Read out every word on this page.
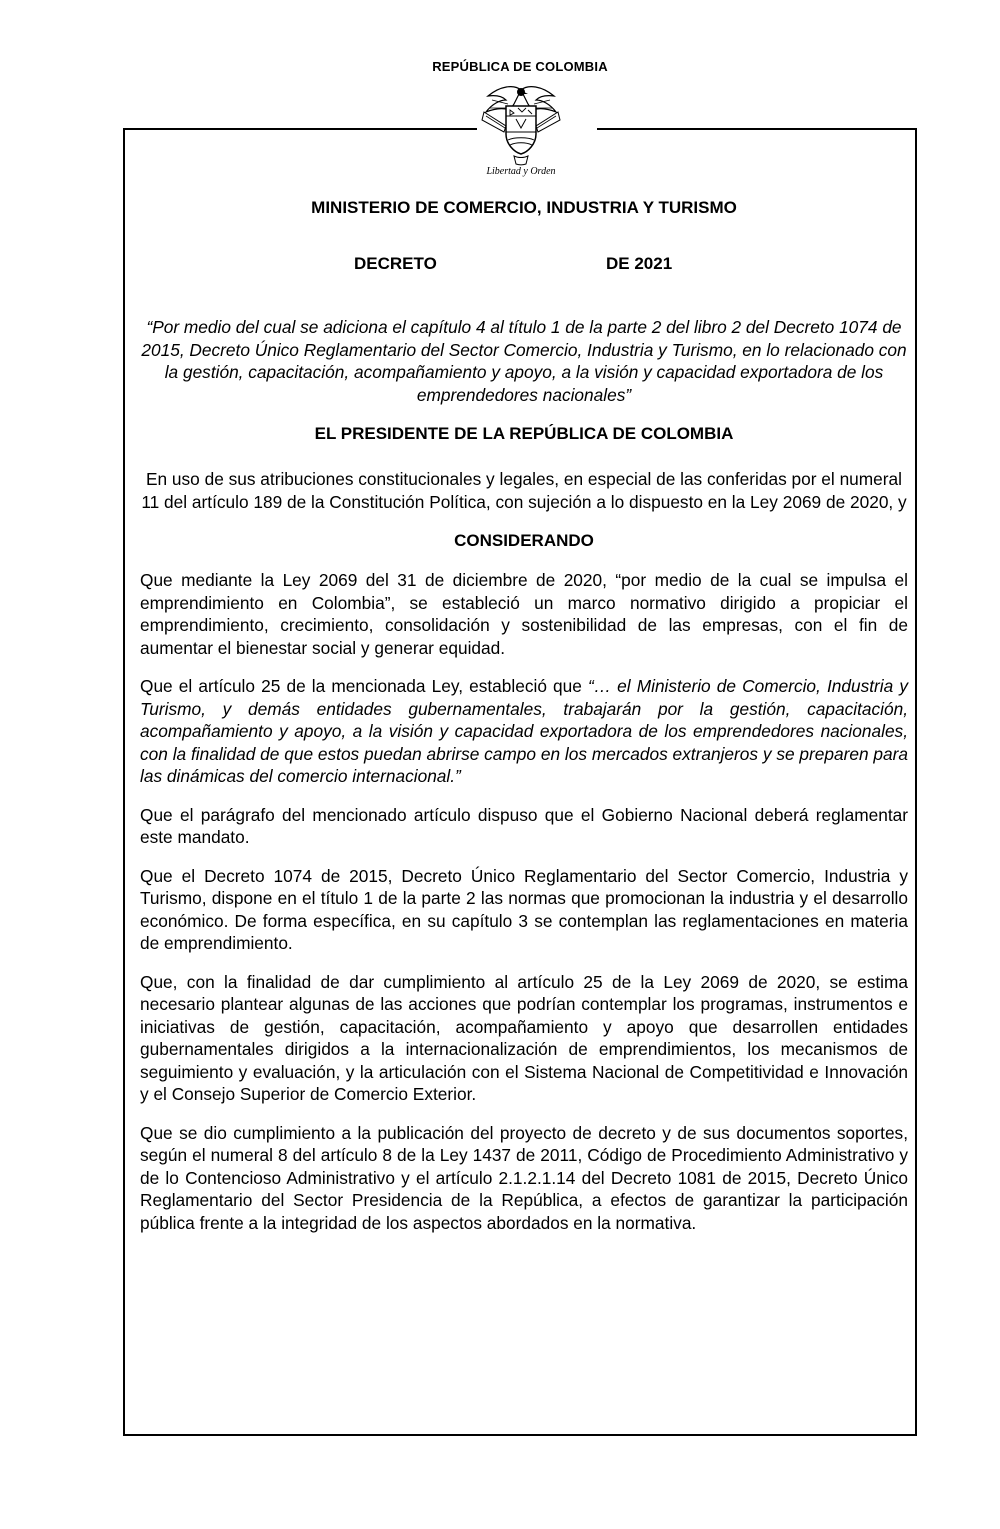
REPÚBLICA DE COLOMBIA
Libertad y Orden
MINISTERIO DE COMERCIO, INDUSTRIA Y TURISMO
DECRETO	DE 2021
“Por medio del cual se adiciona el capítulo 4 al título 1 de la parte 2 del libro 2 del Decreto 1074 de 2015, Decreto Único Reglamentario del Sector Comercio, Industria y Turismo, en lo relacionado con la gestión, capacitación, acompañamiento y apoyo, a la visión y capacidad exportadora de los emprendedores nacionales”
EL PRESIDENTE DE LA REPÚBLICA DE COLOMBIA
En uso de sus atribuciones constitucionales y legales, en especial de las conferidas por el numeral 11 del artículo 189 de la Constitución Política, con sujeción a lo dispuesto en la Ley 2069 de 2020, y
CONSIDERANDO
Que mediante la Ley 2069 del 31 de diciembre de 2020, “por medio de la cual se impulsa el emprendimiento en Colombia”, se estableció un marco normativo dirigido a propiciar el emprendimiento, crecimiento, consolidación y sostenibilidad de las empresas, con el fin de aumentar el bienestar social y generar equidad.
Que el artículo 25 de la mencionada Ley, estableció que “… el Ministerio de Comercio, Industria y Turismo, y demás entidades gubernamentales, trabajarán por la gestión, capacitación, acompañamiento y apoyo, a la visión y capacidad exportadora de los emprendedores nacionales, con la finalidad de que estos puedan abrirse campo en los mercados extranjeros y se preparen para las dinámicas del comercio internacional.”
Que el parágrafo del mencionado artículo dispuso que el Gobierno Nacional deberá reglamentar este mandato.
Que el Decreto 1074 de 2015, Decreto Único Reglamentario del Sector Comercio, Industria y Turismo, dispone en el título 1 de la parte 2 las normas que promocionan la industria y el desarrollo económico. De forma específica, en su capítulo 3 se contemplan las reglamentaciones en materia de emprendimiento.
Que, con la finalidad de dar cumplimiento al artículo 25 de la Ley 2069 de 2020, se estima necesario plantear algunas de las acciones que podrían contemplar los programas, instrumentos e iniciativas de gestión, capacitación, acompañamiento y apoyo que desarrollen entidades gubernamentales dirigidos a la internacionalización de emprendimientos, los mecanismos de seguimiento y evaluación, y la articulación con el Sistema Nacional de Competitividad e Innovación y el Consejo Superior de Comercio Exterior.
Que se dio cumplimiento a la publicación del proyecto de decreto y de sus documentos soportes, según el numeral 8 del artículo 8 de la Ley 1437 de 2011, Código de Procedimiento Administrativo y de lo Contencioso Administrativo y el artículo 2.1.2.1.14 del Decreto 1081 de 2015, Decreto Único Reglamentario del Sector Presidencia de la República, a efectos de garantizar la participación pública frente a la integridad de los aspectos abordados en la normativa.
